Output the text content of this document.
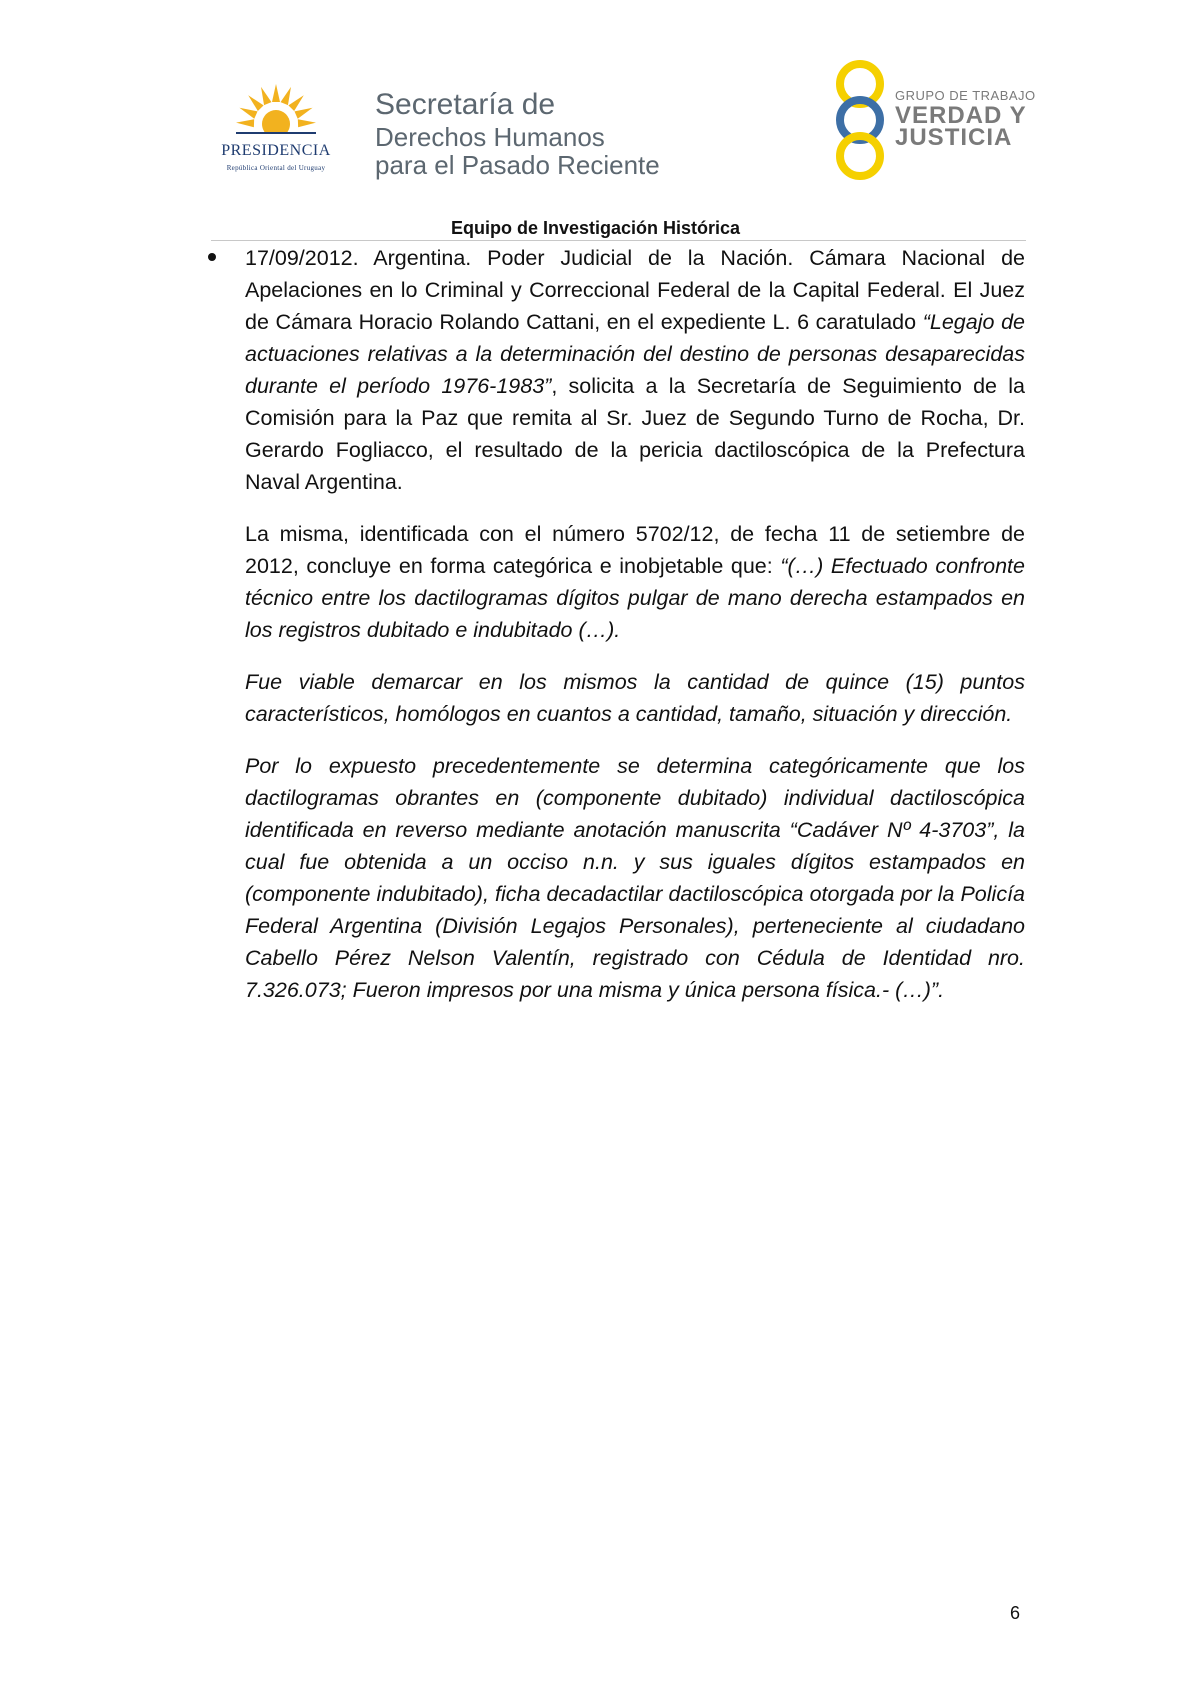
PRESIDENCIA
República Oriental del Uruguay
Secretaría de
Derechos Humanos
para el Pasado Reciente
GRUPO DE TRABAJO
VERDAD Y
JUSTICIA
Equipo de Investigación Histórica

17/09/2012. Argentina. Poder Judicial de la Nación. Cámara Nacional de Apelaciones en lo Criminal y Correccional Federal de la Capital Federal. El Juez de Cámara Horacio Rolando Cattani, en el expediente L. 6 caratulado “Legajo de actuaciones relativas a la determinación del destino de personas desaparecidas durante el período 1976-1983”, solicita a la Secretaría de Seguimiento de la Comisión para la Paz que remita al Sr. Juez de Segundo Turno de Rocha, Dr. Gerardo Fogliacco, el resultado de la pericia dactiloscópica de la Prefectura Naval Argentina.

La misma, identificada con el número 5702/12, de fecha 11 de setiembre de 2012, concluye en forma categórica e inobjetable que: “(…) Efectuado confronte técnico entre los dactilogramas dígitos pulgar de mano derecha estampados en los registros dubitado e indubitado (…).

Fue viable demarcar en los mismos la cantidad de quince (15) puntos característicos, homólogos en cuantos a cantidad, tamaño, situación y dirección.

Por lo expuesto precedentemente se determina categóricamente que los dactilogramas obrantes en (componente dubitado) individual dactiloscópica identificada en reverso mediante anotación manuscrita “Cadáver Nº 4-3703”, la cual fue obtenida a un occiso n.n. y sus iguales dígitos estampados en (componente indubitado), ficha decadactilar dactiloscópica otorgada por la Policía Federal Argentina (División Legajos Personales), perteneciente al ciudadano Cabello Pérez Nelson Valentín, registrado con Cédula de Identidad nro. 7.326.073; Fueron impresos por una misma y única persona física.- (…)”.

6
